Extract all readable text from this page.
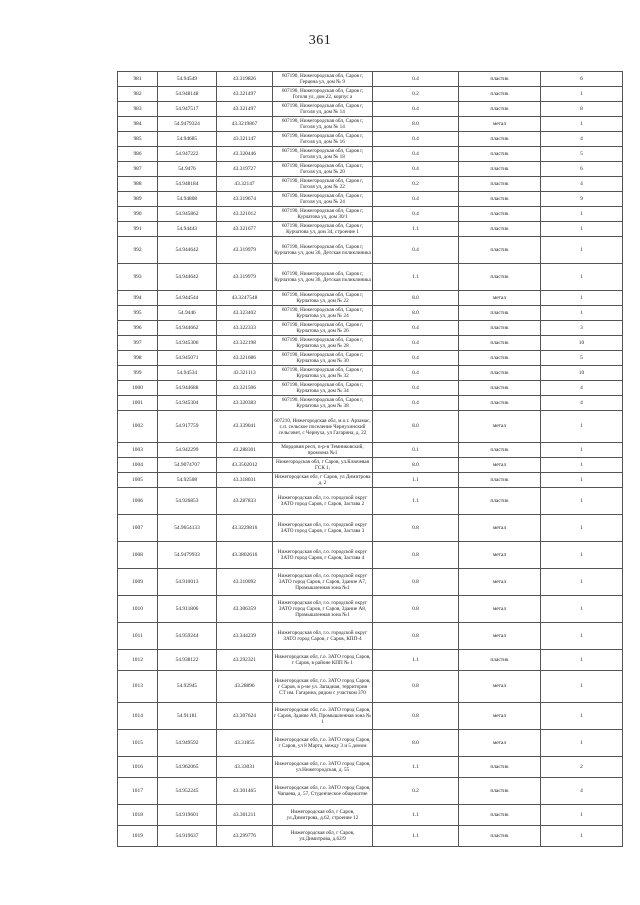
361
981	54.94549	43.319826	607190, Нижегородская обл, Саров г, Герцена ул, дом № 9	0.4	пластик	6
982	54.948148	43.321497	607190, Нижегородская обл, Саров г, Гоголя ул, дом 22, корпус а	0.2	пластик	1
983	54.947517	43.321497	607190, Нижегородская обл, Саров г, Гоголя ул, дом № 14	0.4	пластик	8
984	54.9479324	43.3219867	607190, Нижегородская обл, Саров г, Гоголя ул, дом № 14	8.0	метал	1
985	54.94685	43.321147	607190, Нижегородская обл, Саров г, Гоголя ул, дом № 16	0.4	пластик	4
986	54.947222	43.320446	607190, Нижегородская обл, Саров г, Гоголя ул, дом № 18	0.4	пластик	5
987	54.9476	43.319727	607190, Нижегородская обл, Саров г, Гоголя ул, дом № 20	0.4	пластик	6
988	54.948184	43.32147	607190, Нижегородская обл, Саров г, Гоголя ул, дом № 22	0.2	пластик	4
989	54.94808	43.319674	607190, Нижегородская обл, Саров г, Гоголя ул, дом № 24	0.4	пластик	9
990	54.945862	43.321012	607190, Нижегородская обл, Саров г, Курчатова ул, дом 30/1	0.4	пластик	1
991	54.94443	43.321677	607190, Нижегородская обл, Саров г, Курчатова ул, дом 34, строение 1	1.1	пластик	1
992	54.944642	43.319979	607190, Нижегородская обл, Саров г, Курчатова ул, дом 36, Детская поликлиника	0.4	пластик	1
993	54.944642	43.319979	607190, Нижегородская обл, Саров г, Курчатова ул, дом 36, Детская поликлиника	1.1	пластик	1
994	54.944544	43.3247548	607190, Нижегородская обл, Саров г, Курчатова ул, дом № 22	8.0	метал	1
995	54.9446	43.323402	607190, Нижегородская обл, Саров г, Курчатова ул, дом № 24	8.0	пластик	1
996	54.944662	43.322333	607190, Нижегородская обл, Саров г, Курчатова ул, дом № 26	0.4	пластик	3
997	54.945306	43.322198	607190, Нижегородская обл, Саров г, Курчатова ул, дом № 28	0.4	пластик	10
998	54.945071	43.321686	607190, Нижегородская обл, Саров г, Курчатова ул, дом № 30	0.4	пластик	5
999	54.94534	43.321113	607190, Нижегородская обл, Саров г, Курчатова ул, дом № 32	0.4	пластик	10
1000	54.944688	43.321506	607190, Нижегородская обл, Саров г, Курчатова ул, дом № 34	0.4	пластик	4
1001	54.945304	43.320383	607190, Нижегородская обл, Саров г, Курчатова ул, дом № 38	0.4	пластик	4
1002	54.917759	43.339041	607210, Нижегородская обл, м.о.г. Арзамас, с.п. сельское поселение Чернухинский сельсовет, с Чернуха, ул Гагарина, д. 22	8.0	метал	1
1003	54.942299	43.288301	Мордовия респ, п-р-н Темниковский, промзона №1	0.1	пластик	1
1004	54.9074707	43.3502012	Нижегородская обл, г Саров, ул.Ключевая ГСК 1,	8.0	метал	1
1005	54.92508	43.318031	Нижегородская обл, г Саров, ул Димитрова д. 2	1.1	пластик	1
1006	54.926853	43.287833	Нижегородская обл, г.о. городской округ ЗАТО город Саров, г Саров, Заставa 2	1.1	пластик	1
1007	54.9654133	43.3229816	Нижегородская обл, г.о. городской округ ЗАТО город Саров, г Саров, Застава 3	0.8	метал	1
1008	54.9479933	43.3802616	Нижегородская обл, г.о. городской округ ЗАТО город Саров, г Саров, Застава 4	0.8	метал	1
1009	54.910013	43.310092	Нижегородская обл, г.о. городской округ ЗАТО город Саров, г Саров, Здание А7, Промышленная зона №1	0.8	метал	1
1010	54.911806	43.306359	Нижегородская обл, г.о. городской округ ЗАТО город Саров, г Саров, Здание А8, Промышленная зона №1	0.8	метал	1
1011	54.959244	43.344239	Нижегородская обл, г.о. городской округ ЗАТО город Саров, г Саров, КПП-4	0.8	метал	1
1012	54.938122	43.292321	Нижегородская обл, г.о. ЗАТО город Саров, г Саров, в районе КПП № 1	1.1	пластик	1
1013	54.92945	43.28896	Нижегородская обл, г.о. ЗАТО город Саров, г Саров, в р-не ул. Западная, территория СТ им. Гагарина, рядом с участком 370	0.8	метал	1
1014	54.91181	43.307624	Нижегородская обл, г.о. ЗАТО город Саров, г Саров, Здание А9, Промышленная зона № 1	0.8	метал	1
1015	54.949592	43.31855	Нижегородская обл, г.о. ЗАТО город Саров, г Саров, ул 8 Марта, между 3 и 5 домом	8.0	метал	1
1016	54.962065	43.33031	Нижегородская обл, г.о. ЗАТО город Саров, ул.Нижегородская, д. 55	1.1	пластик	2
1017	54.952245	43.301465	Нижегородская обл, г.о. ЗАТО город Саров, Чапаева, д. 57, Студенческое общежитие	0.2	пластик	4
1018	54.919601	43.301211	Нижегородская обл, г Саров, ул.Димитрова, д.62, строение 12	1.1	пластик	1
1019	54.919637	43.299776	Нижегородская обл, г Саров, ул.Димитрова, д.62/9	1.1	пластик	1
